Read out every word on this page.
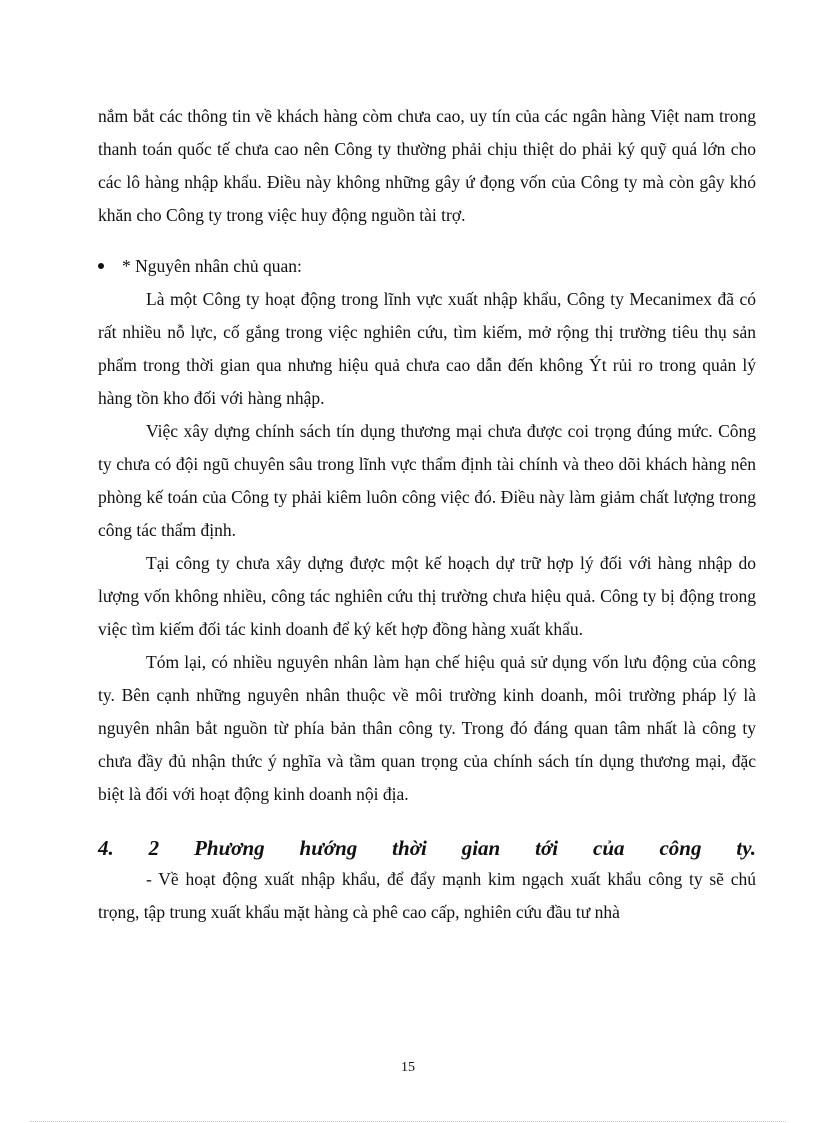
nắm bắt các thông tin về khách hàng còm chưa cao, uy tín của các ngân hàng Việt nam trong thanh toán quốc tế chưa cao nên Công ty thường phải chịu thiệt do phải ký quỹ quá lớn cho các lô hàng nhập khẩu. Điều này không những gây ứ đọng vốn của Công ty mà còn gây khó khăn cho Công ty trong việc huy động nguồn tài trợ.

* Nguyên nhân chủ quan:

Là một Công ty hoạt động trong lĩnh vực xuất nhập khẩu, Công ty Mecanimex đã có rất nhiều nỗ lực, cố gắng trong việc nghiên cứu, tìm kiếm, mở rộng thị trường tiêu thụ sản phẩm trong thời gian qua nhưng hiệu quả chưa cao dẫn đến không Ýt rủi ro trong quản lý hàng tồn kho đối với hàng nhập.

Việc xây dựng chính sách tín dụng thương mại chưa được coi trọng đúng mức. Công ty chưa có đội ngũ chuyên sâu trong lĩnh vực thẩm định tài chính và theo dõi khách hàng nên phòng kế toán của Công ty phải kiêm luôn công việc đó. Điều này làm giảm chất lượng trong công tác thẩm định.

Tại công ty chưa xây dựng được một kế hoạch dự trữ hợp lý đối với hàng nhập do lượng vốn không nhiều, công tác nghiên cứu thị trường chưa hiệu quả. Công ty bị động trong việc tìm kiếm đối tác kinh doanh để ký kết hợp đồng hàng xuất khẩu.

Tóm lại, có nhiều nguyên nhân làm hạn chế hiệu quả sử dụng vốn lưu động của công ty. Bên cạnh những nguyên nhân thuộc về môi trường kinh doanh, môi trường pháp lý là nguyên nhân bắt nguồn từ phía bản thân công ty. Trong đó đáng quan tâm nhất là công ty chưa đầy đủ nhận thức ý nghĩa và tầm quan trọng của chính sách tín dụng thương mại, đặc biệt là đối với hoạt động kinh doanh nội địa.

4. 2 Phương hướng thời gian tới của công ty.

- Về hoạt động xuất nhập khẩu, để đẩy mạnh kim ngạch xuất khẩu công ty sẽ chú trọng, tập trung xuất khẩu mặt hàng cà phê cao cấp, nghiên cứu đầu tư nhà

15
